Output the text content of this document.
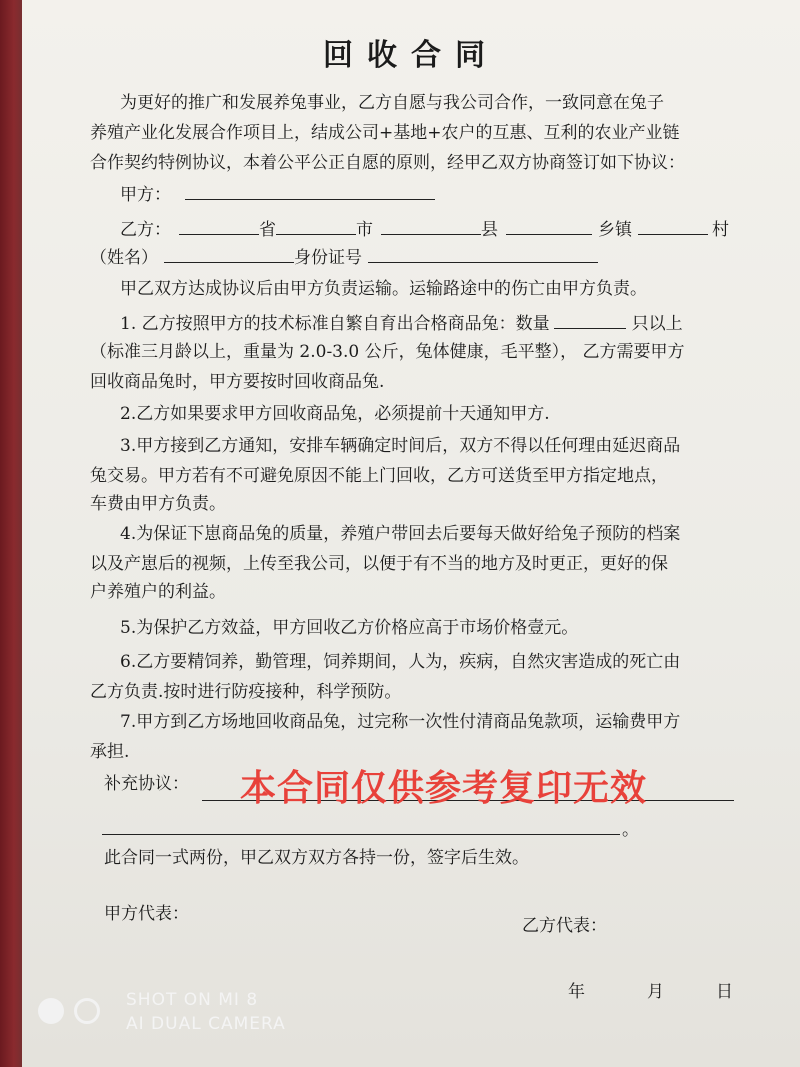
回收合同
为更好的推广和发展养兔事业，乙方自愿与我公司合作，一致同意在兔子
养殖产业化发展合作项目上，结成公司+基地+农户的互惠、互利的农业产业链
合作契约特例协议，本着公平公正自愿的原则，经甲乙双方协商签订如下协议：
甲方：
乙方：	省	市	县	乡镇	村
（姓名）	身份证号
甲乙双方达成协议后由甲方负责运输。运输路途中的伤亡由甲方负责。
1. 乙方按照甲方的技术标准自繁自育出合格商品兔：数量	只以上
（标准三月龄以上，重量为 2.0-3.0 公斤，兔体健康，毛平整）， 乙方需要甲方
回收商品兔时，甲方要按时回收商品兔.
2.乙方如果要求甲方回收商品兔，必须提前十天通知甲方.
3.甲方接到乙方通知，安排车辆确定时间后，双方不得以任何理由延迟商品
兔交易。甲方若有不可避免原因不能上门回收，乙方可送货至甲方指定地点，
车费由甲方负责。
4.为保证下崽商品兔的质量，养殖户带回去后要每天做好给兔子预防的档案
以及产崽后的视频，上传至我公司，以便于有不当的地方及时更正，更好的保
户养殖户的利益。
5.为保护乙方效益，甲方回收乙方价格应高于市场价格壹元。
6.乙方要精饲养，勤管理，饲养期间，人为，疾病，自然灾害造成的死亡由
乙方负责.按时进行防疫接种，科学预防。
7.甲方到乙方场地回收商品兔，过完称一次性付清商品兔款项，运输费甲方
承担.
补充协议： 本合同仅供参考复印无效
。
此合同一式两份，甲乙双方双方各持一份，签字后生效。
甲方代表：
乙方代表：
年	月	日
SHOT ON MI 8
AI DUAL CAMERA
